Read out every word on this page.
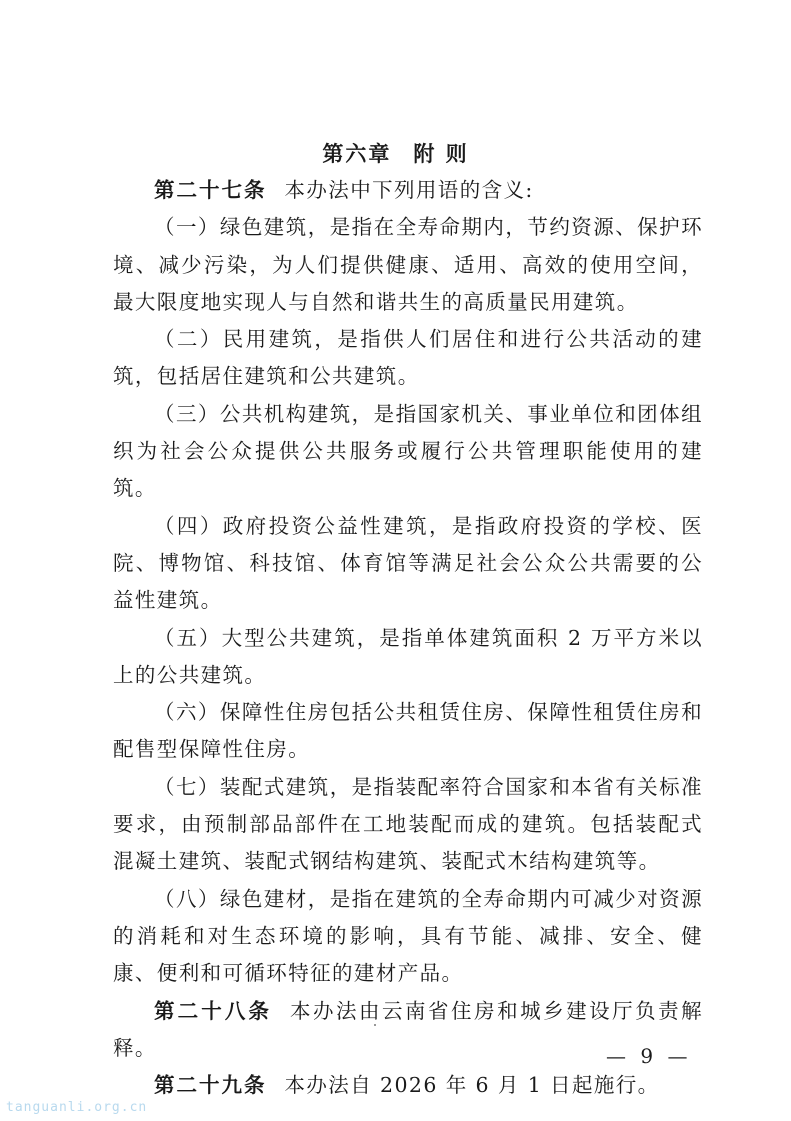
第六章 附 则

第二十七条 本办法中下列用语的含义:

（一）绿色建筑，是指在全寿命期内，节约资源、保护环境、减少污染，为人们提供健康、适用、高效的使用空间，最大限度地实现人与自然和谐共生的高质量民用建筑。

（二）民用建筑，是指供人们居住和进行公共活动的建筑，包括居住建筑和公共建筑。

（三）公共机构建筑，是指国家机关、事业单位和团体组织为社会公众提供公共服务或履行公共管理职能使用的建筑。

（四）政府投资公益性建筑，是指政府投资的学校、医院、博物馆、科技馆、体育馆等满足社会公众公共需要的公益性建筑。

（五）大型公共建筑，是指单体建筑面积 2 万平方米以上的公共建筑。

（六）保障性住房包括公共租赁住房、保障性租赁住房和配售型保障性住房。

（七）装配式建筑，是指装配率符合国家和本省有关标准要求，由预制部品部件在工地装配而成的建筑。包括装配式混凝土建筑、装配式钢结构建筑、装配式木结构建筑等。

（八）绿色建材，是指在建筑的全寿命期内可减少对资源的消耗和对生态环境的影响，具有节能、减排、安全、健康、便利和可循环特征的建材产品。

第二十八条 本办法由云南省住房和城乡建设厅负责解释。

第二十九条 本办法自 2026 年 6 月 1 日起施行。

— 9 —
tanguanli.org.cn
